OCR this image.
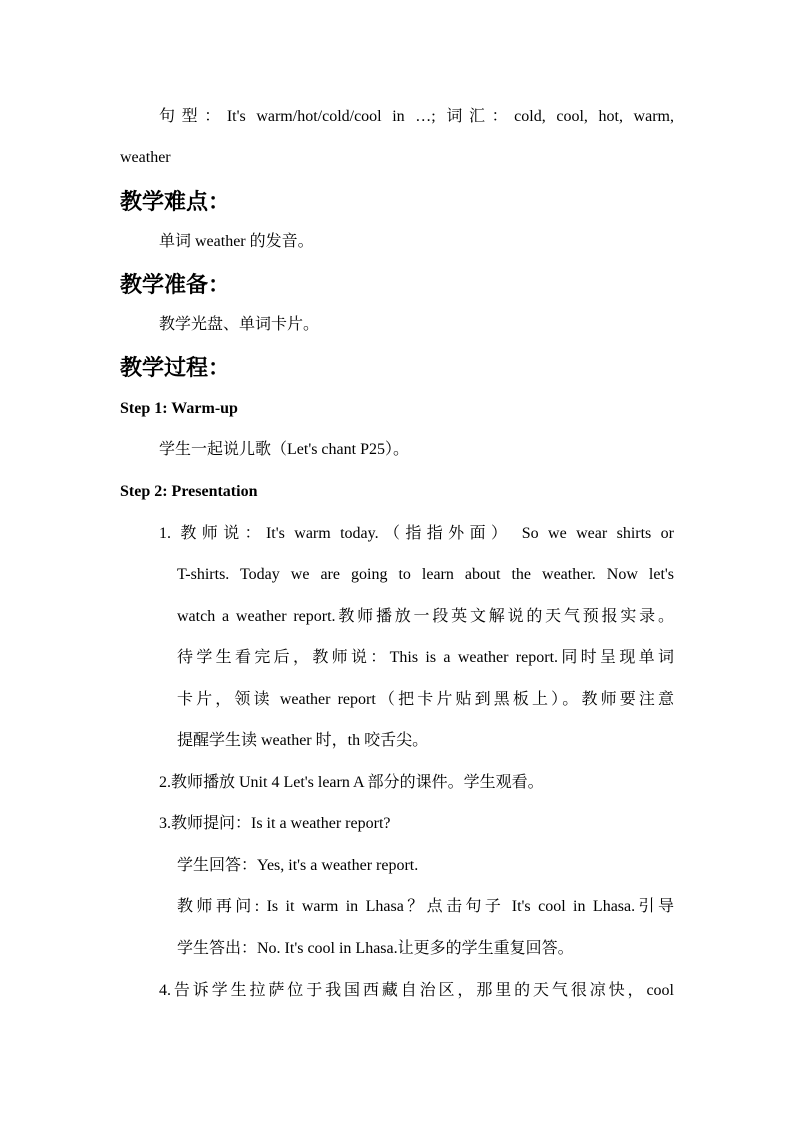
句型：It's warm/hot/cold/cool in …; 词汇：cold, cool, hot, warm,
weather
教学难点：
单词 weather 的发音。
教学准备：
教学光盘、单词卡片。
教学过程：
Step 1: Warm-up
学生一起说儿歌（Let's chant P25）。
Step 2: Presentation
1. 教师说：It's warm today.（指指外面） So we wear shirts or
T-shirts. Today we are going to learn about the weather. Now let's
watch a weather report.教师播放一段英文解说的天气预报实录。
待学生看完后，教师说：This is a weather report.同时呈现单词
卡片，领读 weather report（把卡片贴到黑板上）。教师要注意
提醒学生读 weather 时，th 咬舌尖。
2.教师播放 Unit 4 Let's learn A 部分的课件。学生观看。
3.教师提问：Is it a weather report?
学生回答：Yes, it's a weather report.
教师再问: Is it warm in Lhasa？点击句子 It's cool in Lhasa.引导
学生答出：No. It's cool in Lhasa.让更多的学生重复回答。
4.告诉学生拉萨位于我国西藏自治区，那里的天气很凉快，cool
